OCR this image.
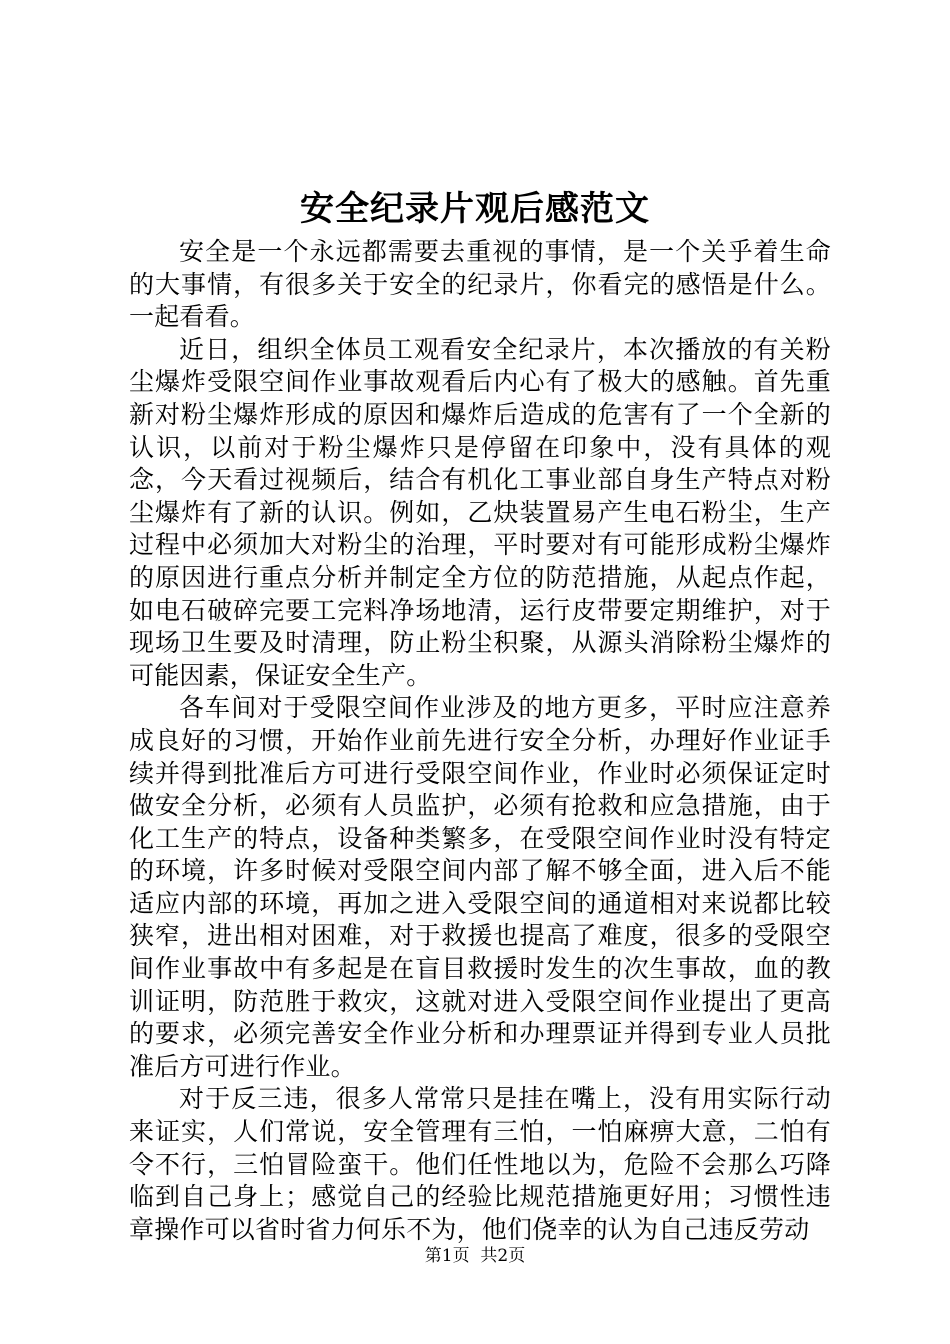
安全纪录片观后感范文

安全是一个永远都需要去重视的事情，是一个关乎着生命的大事情，有很多关于安全的纪录片，你看完的感悟是什么。一起看看。

近日，组织全体员工观看安全纪录片，本次播放的有关粉尘爆炸受限空间作业事故观看后内心有了极大的感触。首先重新对粉尘爆炸形成的原因和爆炸后造成的危害有了一个全新的认识，以前对于粉尘爆炸只是停留在印象中，没有具体的观念，今天看过视频后，结合有机化工事业部自身生产特点对粉尘爆炸有了新的认识。例如，乙炔装置易产生电石粉尘，生产过程中必须加大对粉尘的治理，平时要对有可能形成粉尘爆炸的原因进行重点分析并制定全方位的防范措施，从起点作起，如电石破碎完要工完料净场地清，运行皮带要定期维护，对于现场卫生要及时清理，防止粉尘积聚，从源头消除粉尘爆炸的可能因素，保证安全生产。

各车间对于受限空间作业涉及的地方更多，平时应注意养成良好的习惯，开始作业前先进行安全分析，办理好作业证手续并得到批准后方可进行受限空间作业，作业时必须保证定时做安全分析，必须有人员监护，必须有抢救和应急措施，由于化工生产的特点，设备种类繁多，在受限空间作业时没有特定的环境，许多时候对受限空间内部了解不够全面，进入后不能适应内部的环境，再加之进入受限空间的通道相对来说都比较狭窄，进出相对困难，对于救援也提高了难度，很多的受限空间作业事故中有多起是在盲目救援时发生的次生事故，血的教训证明，防范胜于救灾，这就对进入受限空间作业提出了更高的要求，必须完善安全作业分析和办理票证并得到专业人员批准后方可进行作业。

对于反三违，很多人常常只是挂在嘴上，没有用实际行动来证实，人们常说，安全管理有三怕，一怕麻痹大意，二怕有令不行，三怕冒险蛮干。他们任性地以为，危险不会那么巧降临到自己身上；感觉自己的经验比规范措施更好用；习惯性违章操作可以省时省力何乐不为，他们侥幸的认为自己违反劳动

第1页 共2页
